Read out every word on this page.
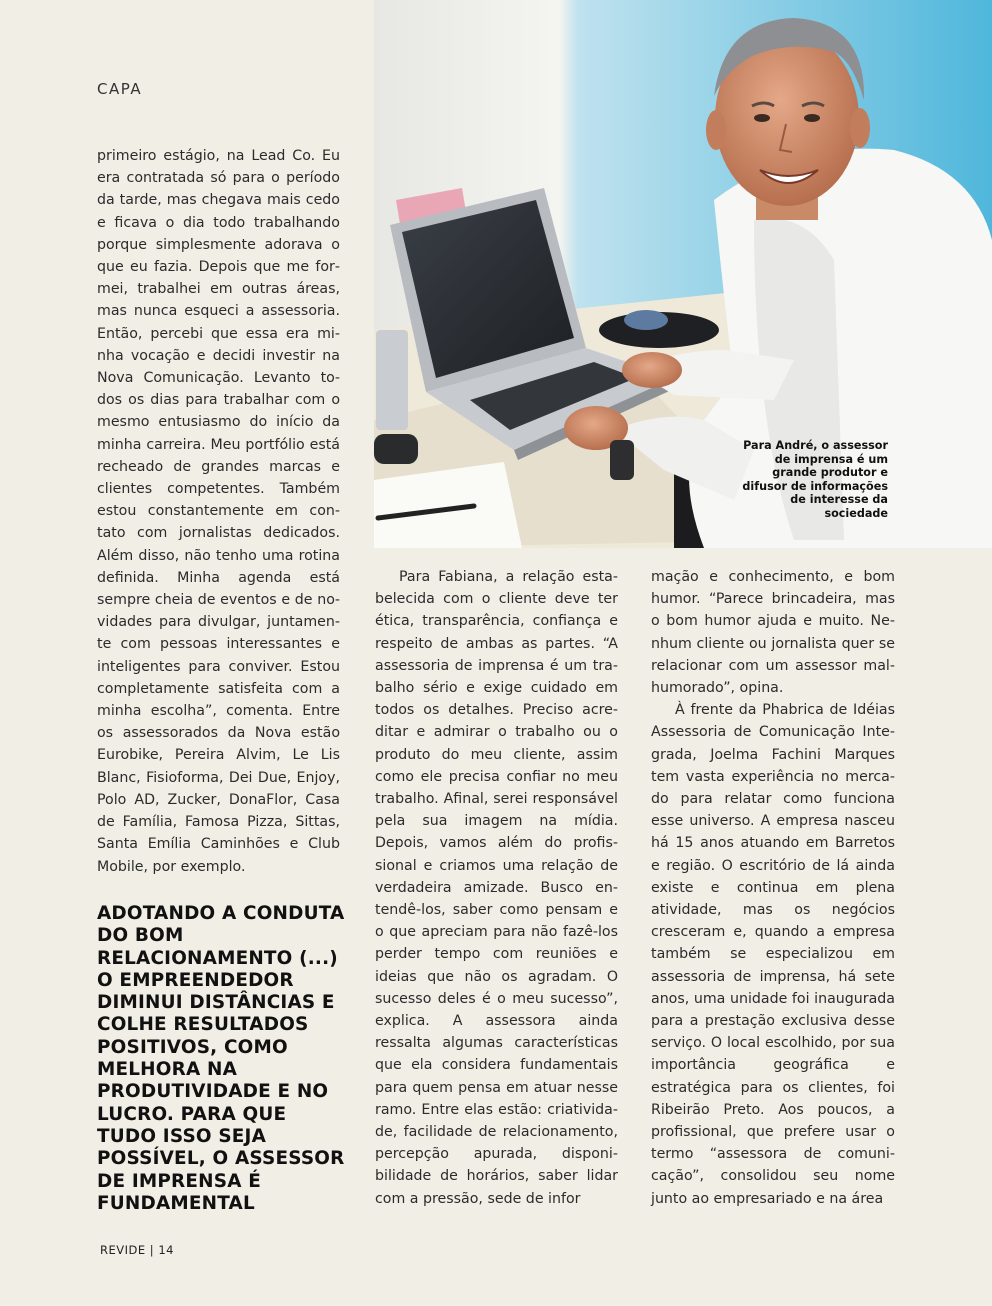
CAPA

primeiro estágio, na Lead Co. Eu era contratada só para o período da tarde, mas chegava mais cedo e ficava o dia todo trabalhando porque simplesmente adorava o que eu fazia. Depois que me formei, trabalhei em outras áreas, mas nunca esqueci a assessoria. Então, percebi que essa era minha vocação e decidi investir na Nova Comunicação. Levanto todos os dias para trabalhar com o mesmo entusiasmo do início da minha carreira. Meu portfólio está recheado de grandes marcas e clientes competentes. Também estou constantemente em contato com jornalistas dedicados. Além disso, não tenho uma rotina definida. Minha agenda está sempre cheia de eventos e de novidades para divulgar, juntamente com pessoas interessantes e inteligentes para conviver. Estou completamente satisfeita com a minha escolha”, comenta. Entre os assessorados da Nova estão Eurobike, Pereira Alvim, Le Lis Blanc, Fisioforma, Dei Due, Enjoy, Polo AD, Zucker, DonaFlor, Casa de Família, Famosa Pizza, Sittas, Santa Emília Caminhões e Club Mobile, por exemplo.

ADOTANDO A CONDUTA DO BOM RELACIONAMENTO (...) O EMPREENDEDOR DIMINUI DISTÂNCIAS E COLHE RESULTADOS POSITIVOS, COMO MELHORA NA PRODUTIVIDADE E NO LUCRO. PARA QUE TUDO ISSO SEJA POSSÍVEL, O ASSESSOR DE IMPRENSA É FUNDAMENTAL
Para André, o assessor de imprensa é um grande produtor e difusor de informações de interesse da sociedade

Para Fabiana, a relação estabelecida com o cliente deve ter ética, transparência, confiança e respeito de ambas as partes. “A assessoria de imprensa é um trabalho sério e exige cuidado em todos os detalhes. Preciso acreditar e admirar o trabalho ou o produto do meu cliente, assim como ele precisa confiar no meu trabalho. Afinal, serei responsável pela sua imagem na mídia. Depois, vamos além do profissional e criamos uma relação de verdadeira amizade. Busco entendê-los, saber como pensam e o que apreciam para não fazê-los perder tempo com reuniões e ideias que não os agradam. O sucesso deles é o meu sucesso”, explica. A assessora ainda ressalta algumas características que ela considera fundamentais para quem pensa em atuar nesse ramo. Entre elas estão: criatividade, facilidade de relacionamento, percepção apurada, disponibilidade de horários, saber lidar com a pressão, sede de infor

mação e conhecimento, e bom humor. “Parece brincadeira, mas o bom humor ajuda e muito. Nenhum cliente ou jornalista quer se relacionar com um assessor mal-humorado”, opina.

À frente da Phabrica de Idéias Assessoria de Comunicação Integrada, Joelma Fachini Marques tem vasta experiência no mercado para relatar como funciona esse universo. A empresa nasceu há 15 anos atuando em Barretos e região. O escritório de lá ainda existe e continua em plena atividade, mas os negócios cresceram e, quando a empresa também se especializou em assessoria de imprensa, há sete anos, uma unidade foi inaugurada para a prestação exclusiva desse serviço. O local escolhido, por sua importância geográfica e estratégica para os clientes, foi Ribeirão Preto. Aos poucos, a profissional, que prefere usar o termo “assessora de comunicação”, consolidou seu nome junto ao empresariado e na área

REVIDE | 14
